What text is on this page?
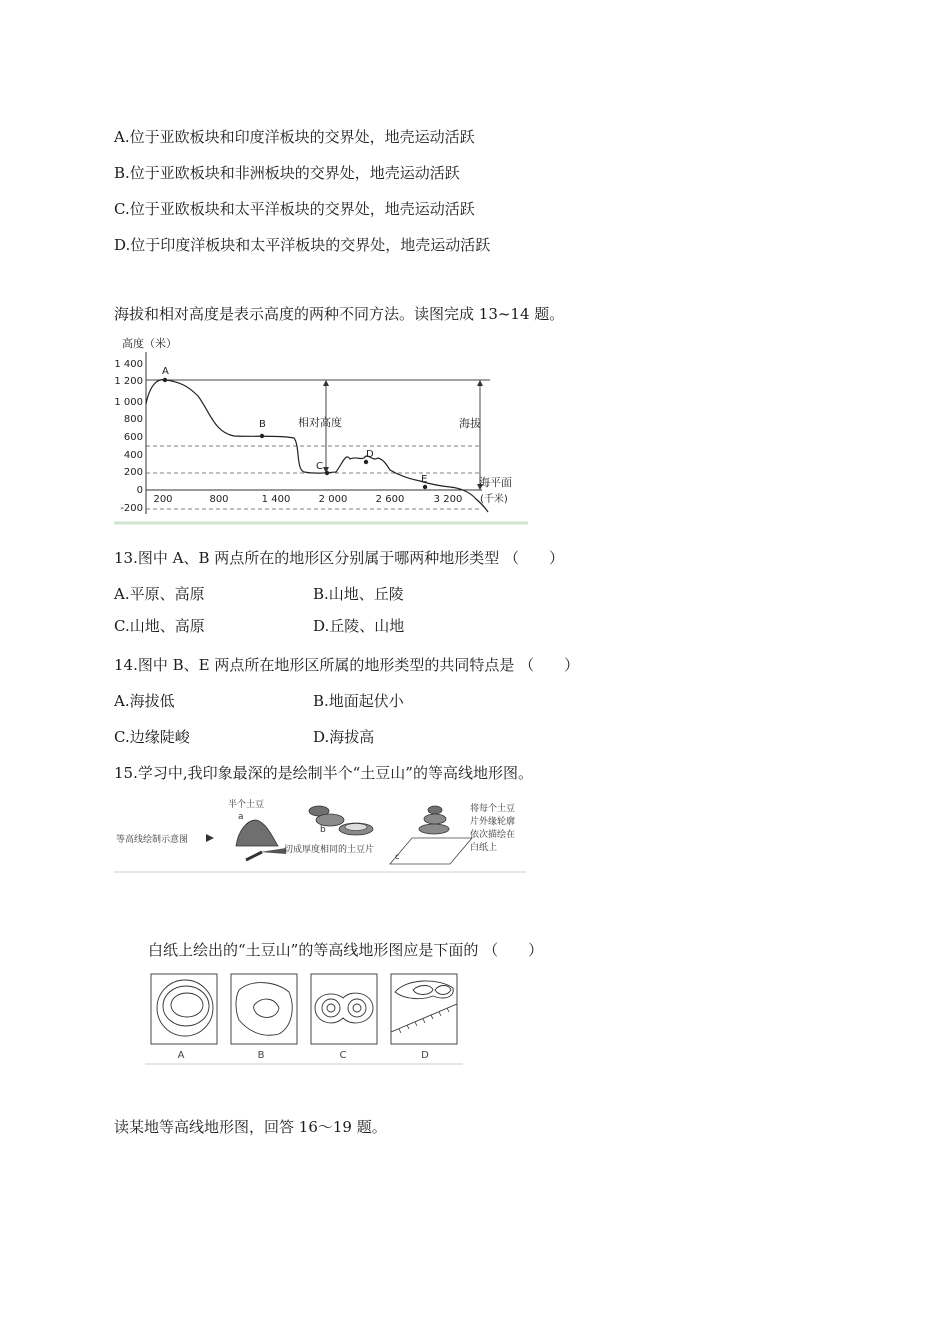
A.位于亚欧板块和印度洋板块的交界处，地壳运动活跃
B.位于亚欧板块和非洲板块的交界处，地壳运动活跃
C.位于亚欧板块和太平洋板块的交界处，地壳运动活跃
D.位于印度洋板块和太平洋板块的交界处，地壳运动活跃
海拔和相对高度是表示高度的两种不同方法。读图完成 13~14 题。
高度（米）
1 400
1 200
1 000
800
600
400
200
0
-200
200	800	1 400	2 000	2 600	3 200 (千米)
A
B
C
D
E
相对高度	海拔
海平面
13.图中 A、B 两点所在的地形区分别属于哪两种地形类型 （　　）
A.平原、高原	B.山地、丘陵
C.山地、高原	D.丘陵、山地
14.图中 B、E 两点所在地形区所属的地形类型的共同特点是 （　　）
A.海拔低	B.地面起伏小
C.边缘陡峻	D.海拔高
15.学习中,我印象最深的是绘制半个“土豆山”的等高线地形图。
等高线绘制示意图
半个土豆
a
b
切成厚度相同的土豆片
c
将每个土豆
片外缘轮廓
依次描绘在
白纸上
白纸上绘出的“土豆山”的等高线地形图应是下面的 （　　）
A	B	C	D
读某地等高线地形图，回答 16～19 题。
